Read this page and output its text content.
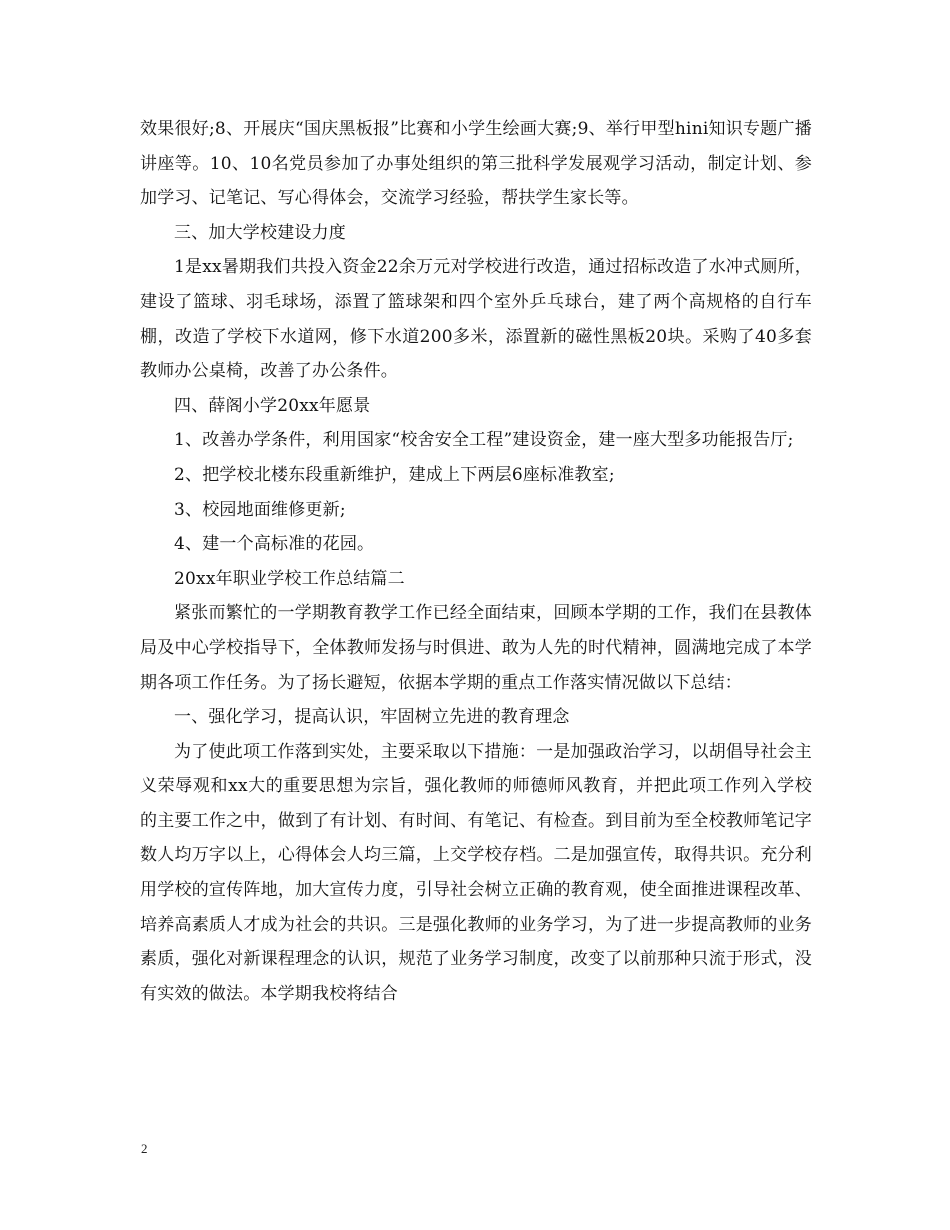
效果很好;8、开展庆“国庆黑板报”比赛和小学生绘画大赛;9、举行甲型hini知识专题广播讲座等。10、10名党员参加了办事处组织的第三批科学发展观学习活动，制定计划、参加学习、记笔记、写心得体会，交流学习经验，帮扶学生家长等。

三、加大学校建设力度

1是xx暑期我们共投入资金22余万元对学校进行改造，通过招标改造了水冲式厕所，建设了篮球、羽毛球场，添置了篮球架和四个室外乒乓球台，建了两个高规格的自行车棚，改造了学校下水道网，修下水道200多米，添置新的磁性黑板20块。采购了40多套教师办公桌椅，改善了办公条件。

四、薛阁小学20xx年愿景

1、改善办学条件，利用国家“校舍安全工程”建设资金，建一座大型多功能报告厅;

2、把学校北楼东段重新维护，建成上下两层6座标准教室;

3、校园地面维修更新;

4、建一个高标准的花园。

20xx年职业学校工作总结篇二

紧张而繁忙的一学期教育教学工作已经全面结束，回顾本学期的工作，我们在县教体局及中心学校指导下，全体教师发扬与时俱进、敢为人先的时代精神，圆满地完成了本学期各项工作任务。为了扬长避短，依据本学期的重点工作落实情况做以下总结：

一、强化学习，提高认识，牢固树立先进的教育理念

为了使此项工作落到实处，主要采取以下措施：一是加强政治学习，以胡倡导社会主义荣辱观和xx大的重要思想为宗旨，强化教师的师德师风教育，并把此项工作列入学校的主要工作之中，做到了有计划、有时间、有笔记、有检查。到目前为至全校教师笔记字数人均万字以上，心得体会人均三篇，上交学校存档。二是加强宣传，取得共识。充分利用学校的宣传阵地，加大宣传力度，引导社会树立正确的教育观，使全面推进课程改革、培养高素质人才成为社会的共识。三是强化教师的业务学习，为了进一步提高教师的业务素质，强化对新课程理念的认识，规范了业务学习制度，改变了以前那种只流于形式，没有实效的做法。本学期我校将结合

2
